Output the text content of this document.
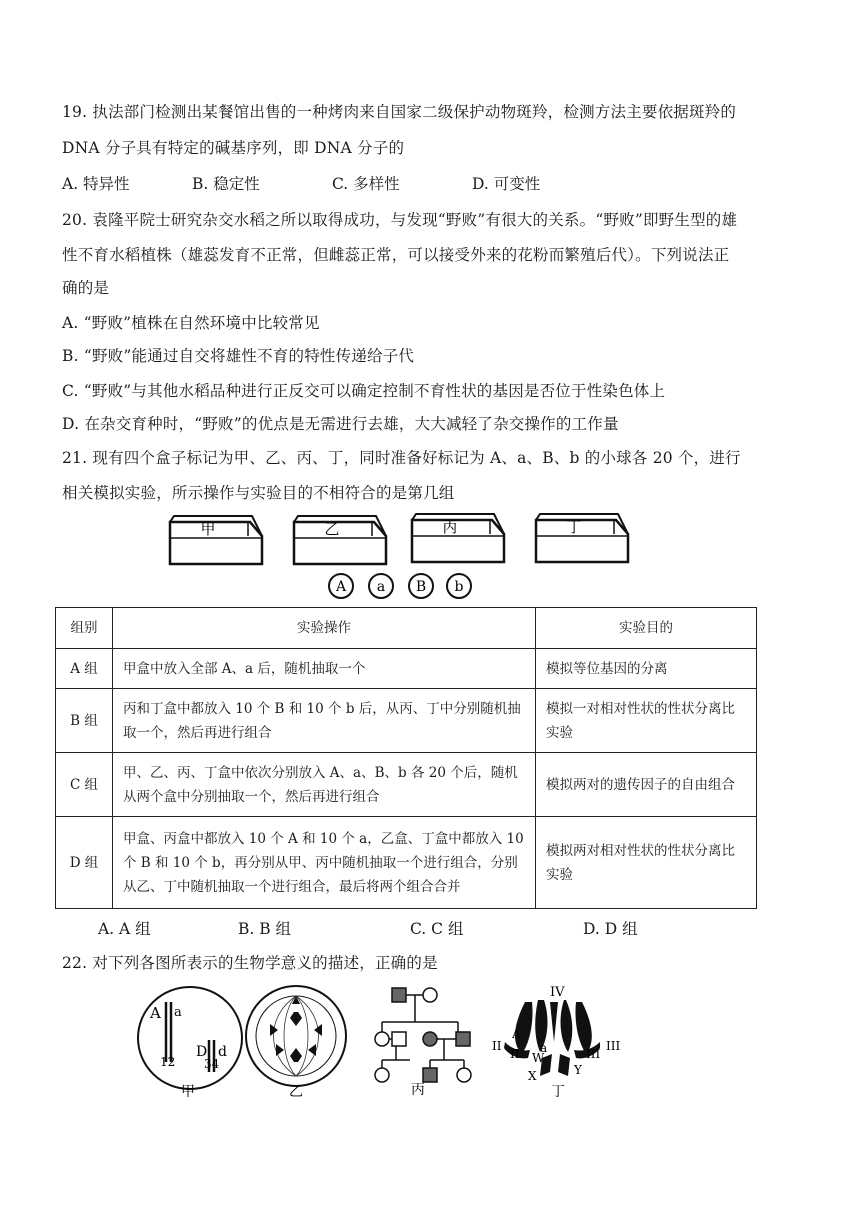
19. 执法部门检测出某餐馆出售的一种烤肉来自国家二级保护动物斑羚，检测方法主要依据斑羚的
DNA 分子具有特定的碱基序列，即 DNA 分子的
A. 特异性	B. 稳定性	C. 多样性	D. 可变性
20. 袁隆平院士研究杂交水稻之所以取得成功，与发现“野败”有很大的关系。“野败”即野生型的雄
性不育水稻植株（雄蕊发育不正常，但雌蕊正常，可以接受外来的花粉而繁殖后代）。下列说法正
确的是
A. “野败”植株在自然环境中比较常见
B. “野败”能通过自交将雄性不育的特性传递给子代
C. “野败”与其他水稻品种进行正反交可以确定控制不育性状的基因是否位于性染色体上
D. 在杂交育种时，“野败”的优点是无需进行去雄，大大减轻了杂交操作的工作量
21. 现有四个盒子标记为甲、乙、丙、丁，同时准备好标记为 A、a、B、b 的小球各 20 个，进行
相关模拟实验，所示操作与实验目的不相符合的是第几组
甲	乙	丙	丁
A a B b
组别	实验操作	实验目的
A 组	甲盒中放入全部 A、a 后，随机抽取一个	模拟等位基因的分离
B 组	丙和丁盒中都放入 10 个 B 和 10 个 b 后，从丙、丁中分别随机抽取一个，然后再进行组合	模拟一对相对性状的性状分离比实验
C 组	甲、乙、丙、丁盒中依次分别放入 A、a、B、b 各 20 个后，随机从两个盒中分别抽取一个，然后再进行组合	模拟两对的遗传因子的自由组合
D 组	甲盒、丙盒中都放入 10 个 A 和 10 个 a，乙盒、丁盒中都放入 10 个 B 和 10 个 b，再分别从甲、丙中随机抽取一个进行组合，分别从乙、丁中随机抽取一个进行组合，最后将两个组合合并	模拟两对相对性状的性状分离比实验
A. A 组	B. B 组	C. C 组	D. D 组
22. 对下列各图所表示的生物学意义的描述，正确的是
A a
D d
12 34
甲	乙	丙
IV
A
II
II a
W
III
III
X	Y
丁
